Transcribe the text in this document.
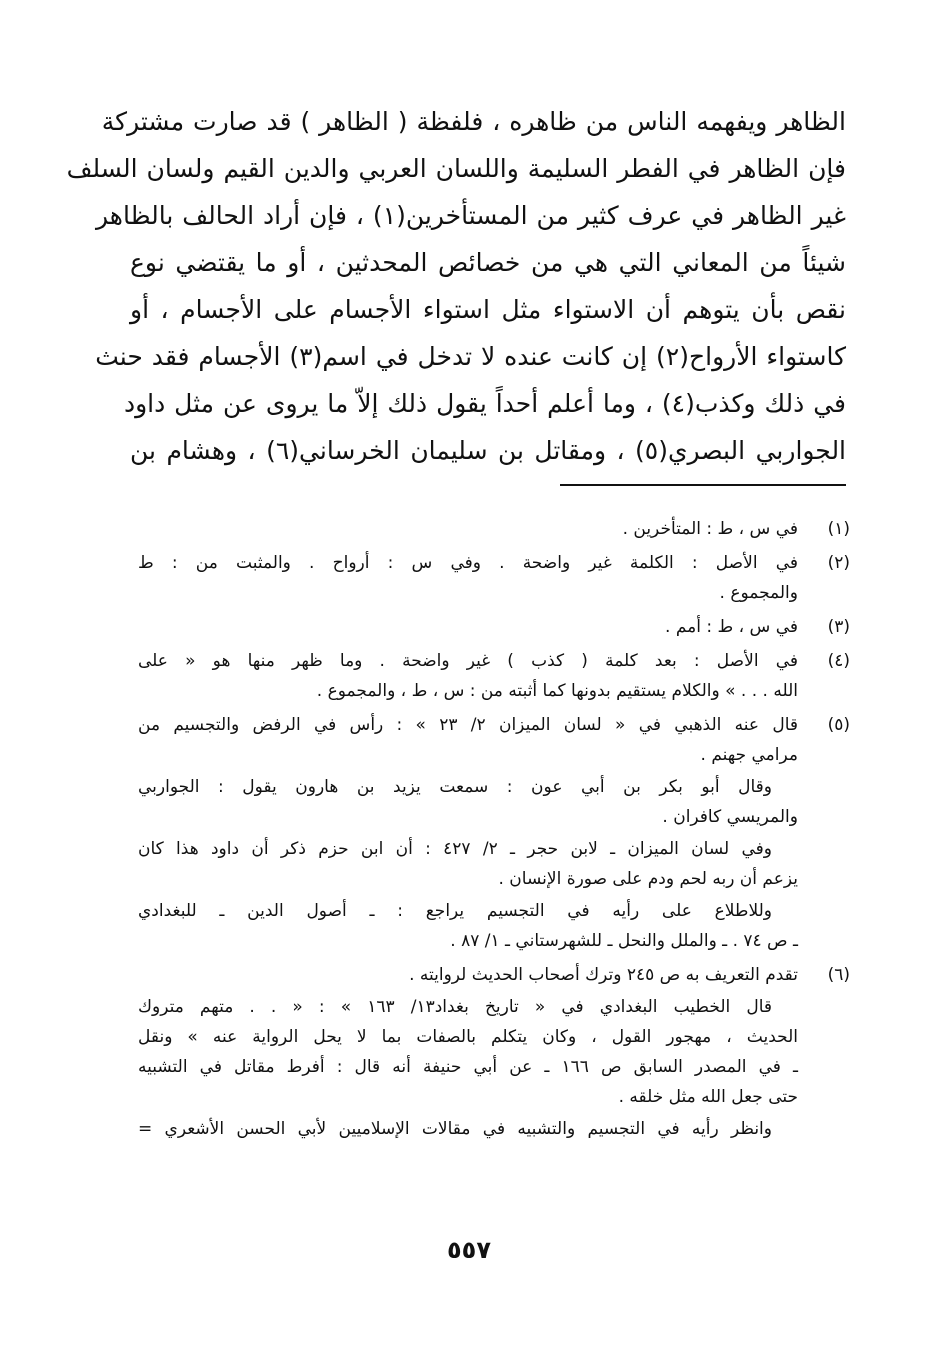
الظاهر ويفهمه الناس من ظاهره ، فلفظة ( الظاهر ) قد صارت مشتركة
فإن الظاهر في الفطر السليمة واللسان العربي والدين القيم ولسان السلف
غير الظاهر في عرف كثير من المستأخرين(١) ، فإن أراد الحالف بالظاهر
شيئاً من المعاني التي هي من خصائص المحدثين ، أو ما يقتضي نوع
نقص بأن يتوهم أن الاستواء مثل استواء الأجسام على الأجسام ، أو
كاستواء الأرواح(٢) إن كانت عنده لا تدخل في اسم(٣) الأجسام فقد حنث
في ذلك وكذب(٤) ، وما أعلم أحداً يقول ذلك إلاّ ما يروى عن مثل داود
الجواربي البصري(٥) ، ومقاتل بن سليمان الخرساني(٦) ، وهشام بن
(١)
في س ، ط : المتأخرين .
(٢)
في الأصل : الكلمة غير واضحة . وفي س : أرواح . والمثبت من : ط
والمجموع .
(٣)
في س ، ط : أمم .
(٤)
في الأصل : بعد كلمة ( كذب ) غير واضحة . وما ظهر منها هو « على
الله . . . » والكلام يستقيم بدونها كما أثبته من : س ، ط ، والمجموع .
(٥)
قال عنه الذهبي في « لسان الميزان ٢/ ٢٣ » : رأس في الرفض والتجسيم من
مرامي جهنم .
وقال أبو بكر بن أبي عون : سمعت يزيد بن هارون يقول : الجواربي
والمريسي كافران .
وفي لسان الميزان ـ لابن حجر ـ ٢/ ٤٢٧ : أن ابن حزم ذكر أن داود هذا كان
يزعم أن ربه لحم ودم على صورة الإنسان .
وللاطلاع على رأيه في التجسيم يراجع : ـ أصول الدين ـ للبغدادي
ـ ص ٧٤ . ـ والملل والنحل ـ للشهرستاني ـ ١/ ٨٧ .
(٦)
تقدم التعريف به ص ٢٤٥ وترك أصحاب الحديث لروايته .
قال الخطيب البغدادي في « تاريخ بغداد١٣/ ١٦٣ » : « . . متهم متروك
الحديث ، مهجور القول ، وكان يتكلم بالصفات بما لا يحل الرواية عنه » ونقل
ـ في المصدر السابق ص ١٦٦ ـ عن أبي حنيفة أنه قال : أفرط مقاتل في التشبيه
حتى جعل الله مثل خلقه .
وانظر رأيه في التجسيم والتشبيه في مقالات الإسلاميين لأبي الحسن الأشعري =
٥٥٧
